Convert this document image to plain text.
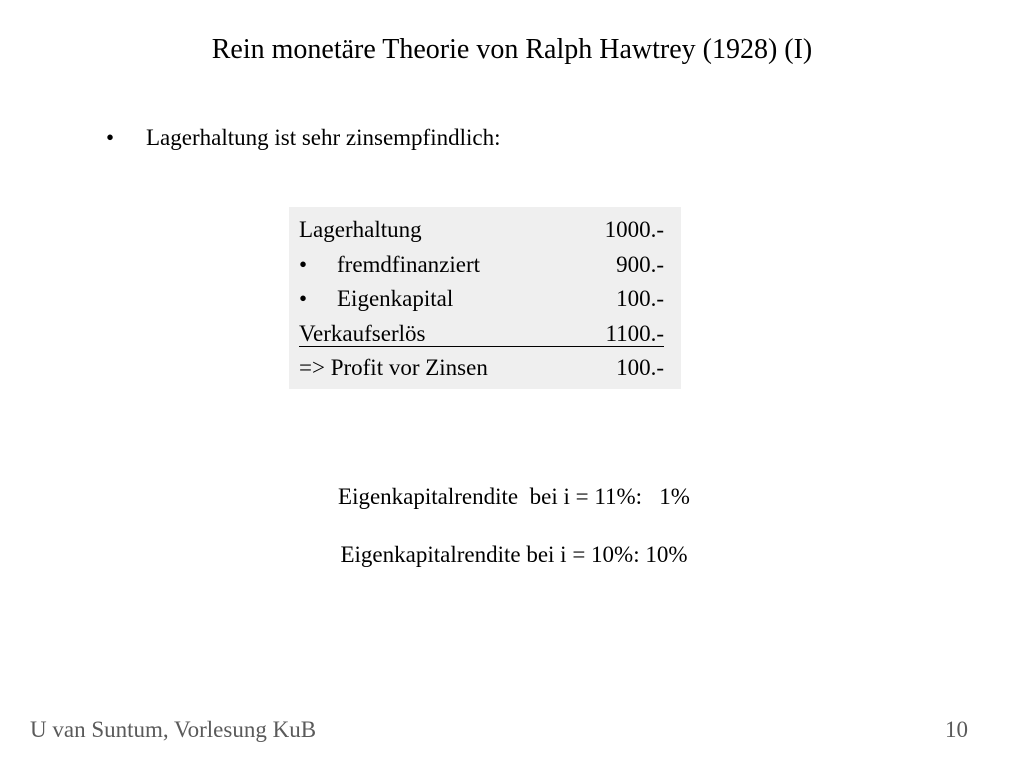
Rein monetäre Theorie von Ralph Hawtrey (1928) (I)
• Lagerhaltung ist sehr zinsempfindlich:
Lagerhaltung	1000.-
• fremdfinanziert	900.-
• Eigenkapital	100.-
Verkaufserlös	1100.-
=> Profit vor Zinsen	100.-
Eigenkapitalrendite  bei i = 11%:   1%
Eigenkapitalrendite bei i = 10%: 10%
U van Suntum, Vorlesung KuB	10
